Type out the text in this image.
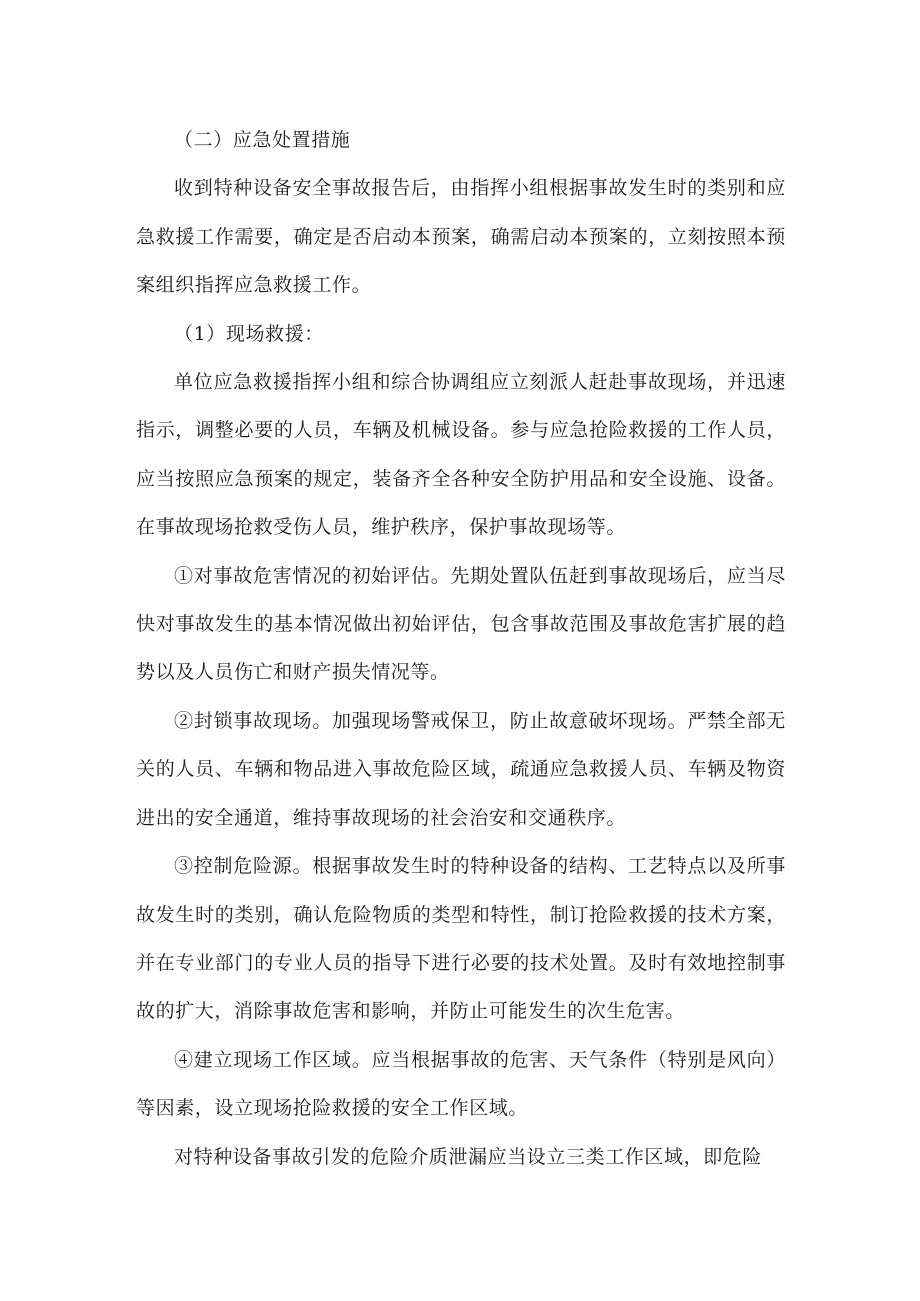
（二）应急处置措施

收到特种设备安全事故报告后，由指挥小组根据事故发生时的类别和应急救援工作需要，确定是否启动本预案，确需启动本预案的，立刻按照本预案组织指挥应急救援工作。

（1）现场救援：

单位应急救援指挥小组和综合协调组应立刻派人赶赴事故现场，并迅速指示，调整必要的人员，车辆及机械设备。参与应急抢险救援的工作人员，应当按照应急预案的规定，装备齐全各种安全防护用品和安全设施、设备。在事故现场抢救受伤人员，维护秩序，保护事故现场等。

①对事故危害情况的初始评估。先期处置队伍赶到事故现场后，应当尽快对事故发生的基本情况做出初始评估，包含事故范围及事故危害扩展的趋势以及人员伤亡和财产损失情况等。

②封锁事故现场。加强现场警戒保卫，防止故意破坏现场。严禁全部无关的人员、车辆和物品进入事故危险区域，疏通应急救援人员、车辆及物资进出的安全通道，维持事故现场的社会治安和交通秩序。

③控制危险源。根据事故发生时的特种设备的结构、工艺特点以及所事故发生时的类别，确认危险物质的类型和特性，制订抢险救援的技术方案，并在专业部门的专业人员的指导下进行必要的技术处置。及时有效地控制事故的扩大，消除事故危害和影响，并防止可能发生的次生危害。

④建立现场工作区域。应当根据事故的危害、天气条件（特别是风向）等因素，设立现场抢险救援的安全工作区域。

对特种设备事故引发的危险介质泄漏应当设立三类工作区域，即危险
